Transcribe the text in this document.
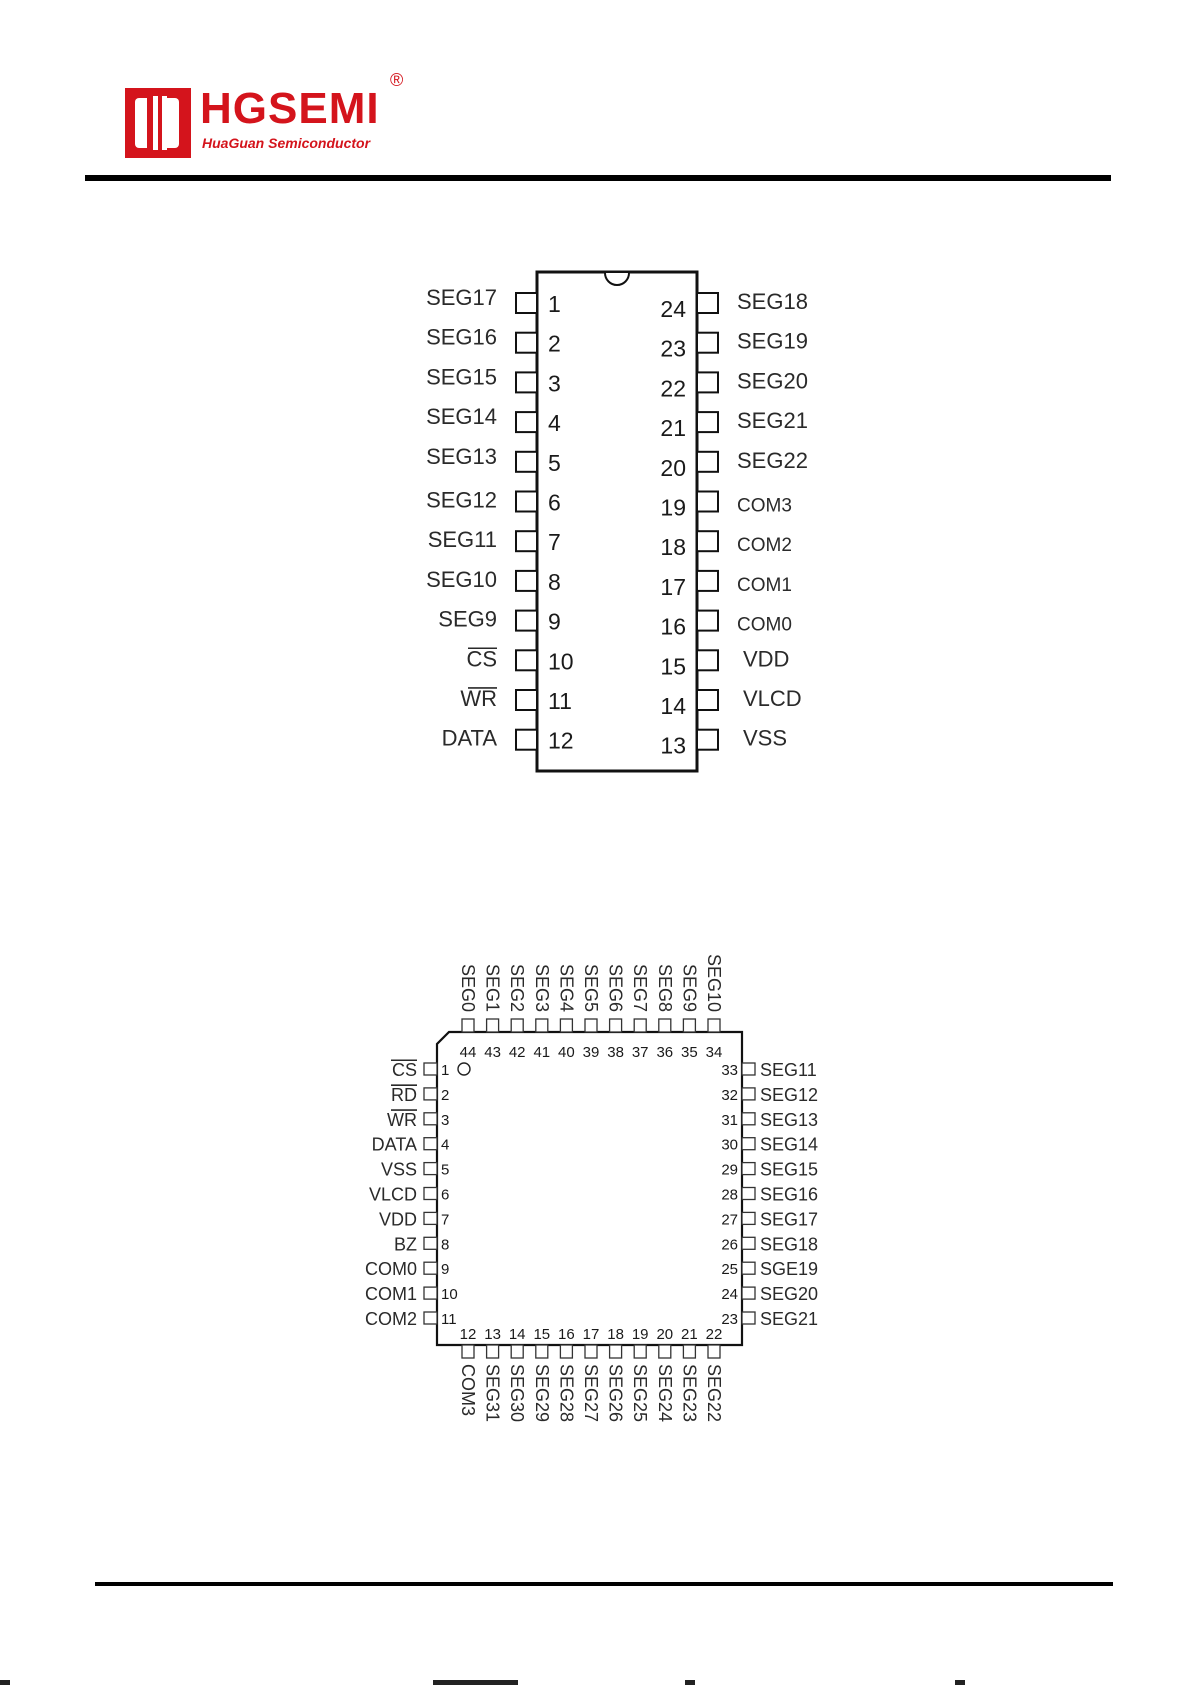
HGSEMI
HuaGuan Semiconductor
®
1
SEG17
2
SEG16
3
SEG15
4
SEG14
5
SEG13
6
SEG12
7
SEG11
8
SEG10
9
SEG9
10
CS
11
WR
12
DATA
24 SEG18
23 SEG19
22 SEG20
21 SEG21
20 SEG22
19	COM3
18	COM2
17	COM1
16	COM0
15	VDD
14	VLCD
13	VSS
1
CS
2
RD
3
WR
4
DATA
5
VSS
6
VLCD
7
VDD
8
BZ
9
COM0
10
COM1
11
COM2
33 SEG11
32 SEG12
31 SEG13
30 SEG14
29 SEG15
28 SEG16
27 SEG17
26 SEG18
25 SGE19
24 SEG20
23 SEG21
44
SEG0
43
SEG1
42
SEG2
41
SEG3
40
SEG4
39
SEG5
38
SEG6
37
SEG7
36
SEG8
35
SEG9
34
SEG10
12
COM3
13
SEG31
14
SEG30
15
SEG29
16
SEG28
17
SEG27
18
SEG26
19
SEG25
20
SEG24
21
SEG23
22
SEG22
